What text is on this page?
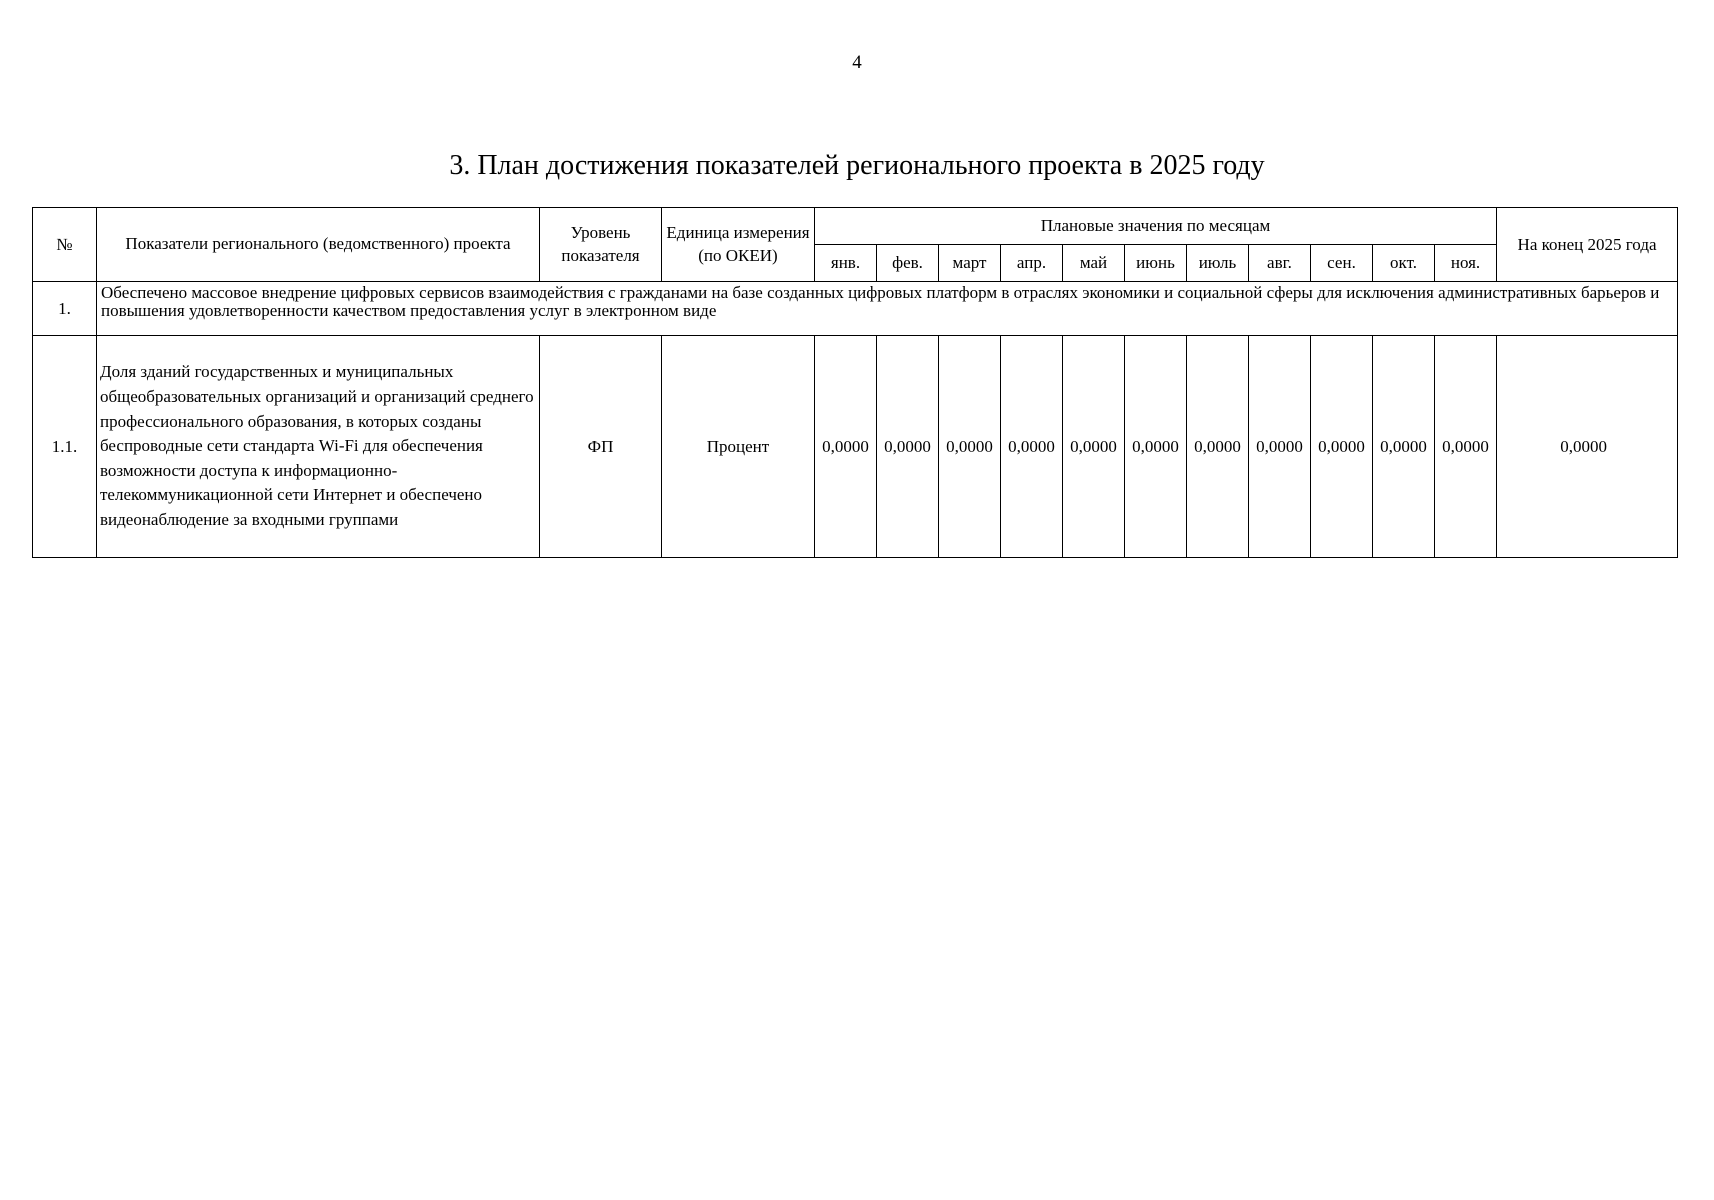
4
3. План достижения показателей регионального проекта в 2025 году
№	Показатели регионального (ведомственного) проекта	Уровень показателя	Единица измерения (по ОКЕИ)	Плановые значения по месяцам											На конец 2025 года
				янв.	фев.	март	апр.	май	июнь	июль	авг.	сен.	окт.	ноя.	
1.	Обеспечено массовое внедрение цифровых сервисов взаимодействия с гражданами на базе созданных цифровых платформ в отраслях экономики и социальной сферы для исключения административных барьеров и повышения удовлетворенности качеством предоставления услуг в электронном виде														
1.1.	Доля зданий государственных и муниципальных общеобразовательных организаций и организаций среднего профессионального образования, в которых созданы беспроводные сети стандарта Wi-Fi для обеспечения возможности доступа к информационно-телекоммуникационной сети Интернет и обеспечено видеонаблюдение за входными группами	ФП	Процент	0,0000	0,0000	0,0000	0,0000	0,0000	0,0000	0,0000	0,0000	0,0000	0,0000	0,0000	0,0000
